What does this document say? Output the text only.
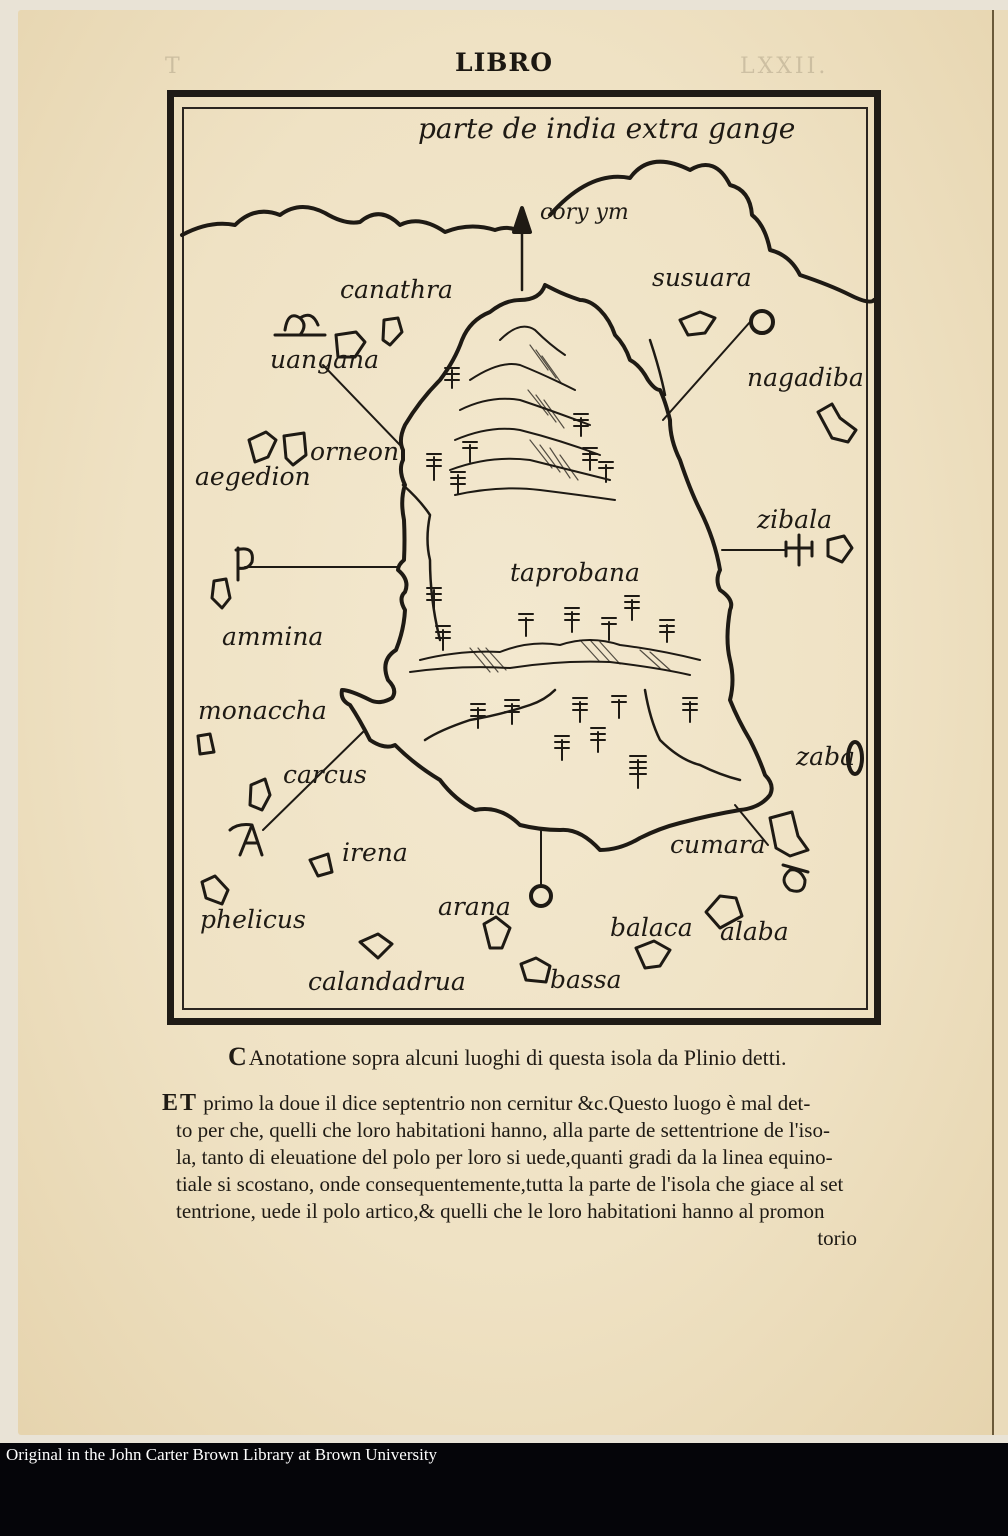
T	LXXII.
LIBRO
parte de india extra gange
cory ym
canathra	susuara
uangana
nagadiba
orneon
aegedion
zibala
taprobana
ammina
monaccha
zaba
carcus
irena	cumara
phelicus	arana
balaca alaba
calandadrua	bassa
CAnotatione sopra alcuni luoghi di questa isola da Plinio detti.
ET primo la doue il dice septentrio non cernitur &c.Questo luogo è mal det-
to per che, quelli che loro habitationi hanno, alla parte de settentrione de l'iso-
la, tanto di eleuatione del polo per loro si uede,quanti gradi da la linea equino-
tiale si scostano, onde consequentemente,tutta la parte de l'isola che giace al set
tentrione, uede il polo artico,& quelli che le loro habitationi hanno al promon
torio
Original in the John Carter Brown Library at Brown University
